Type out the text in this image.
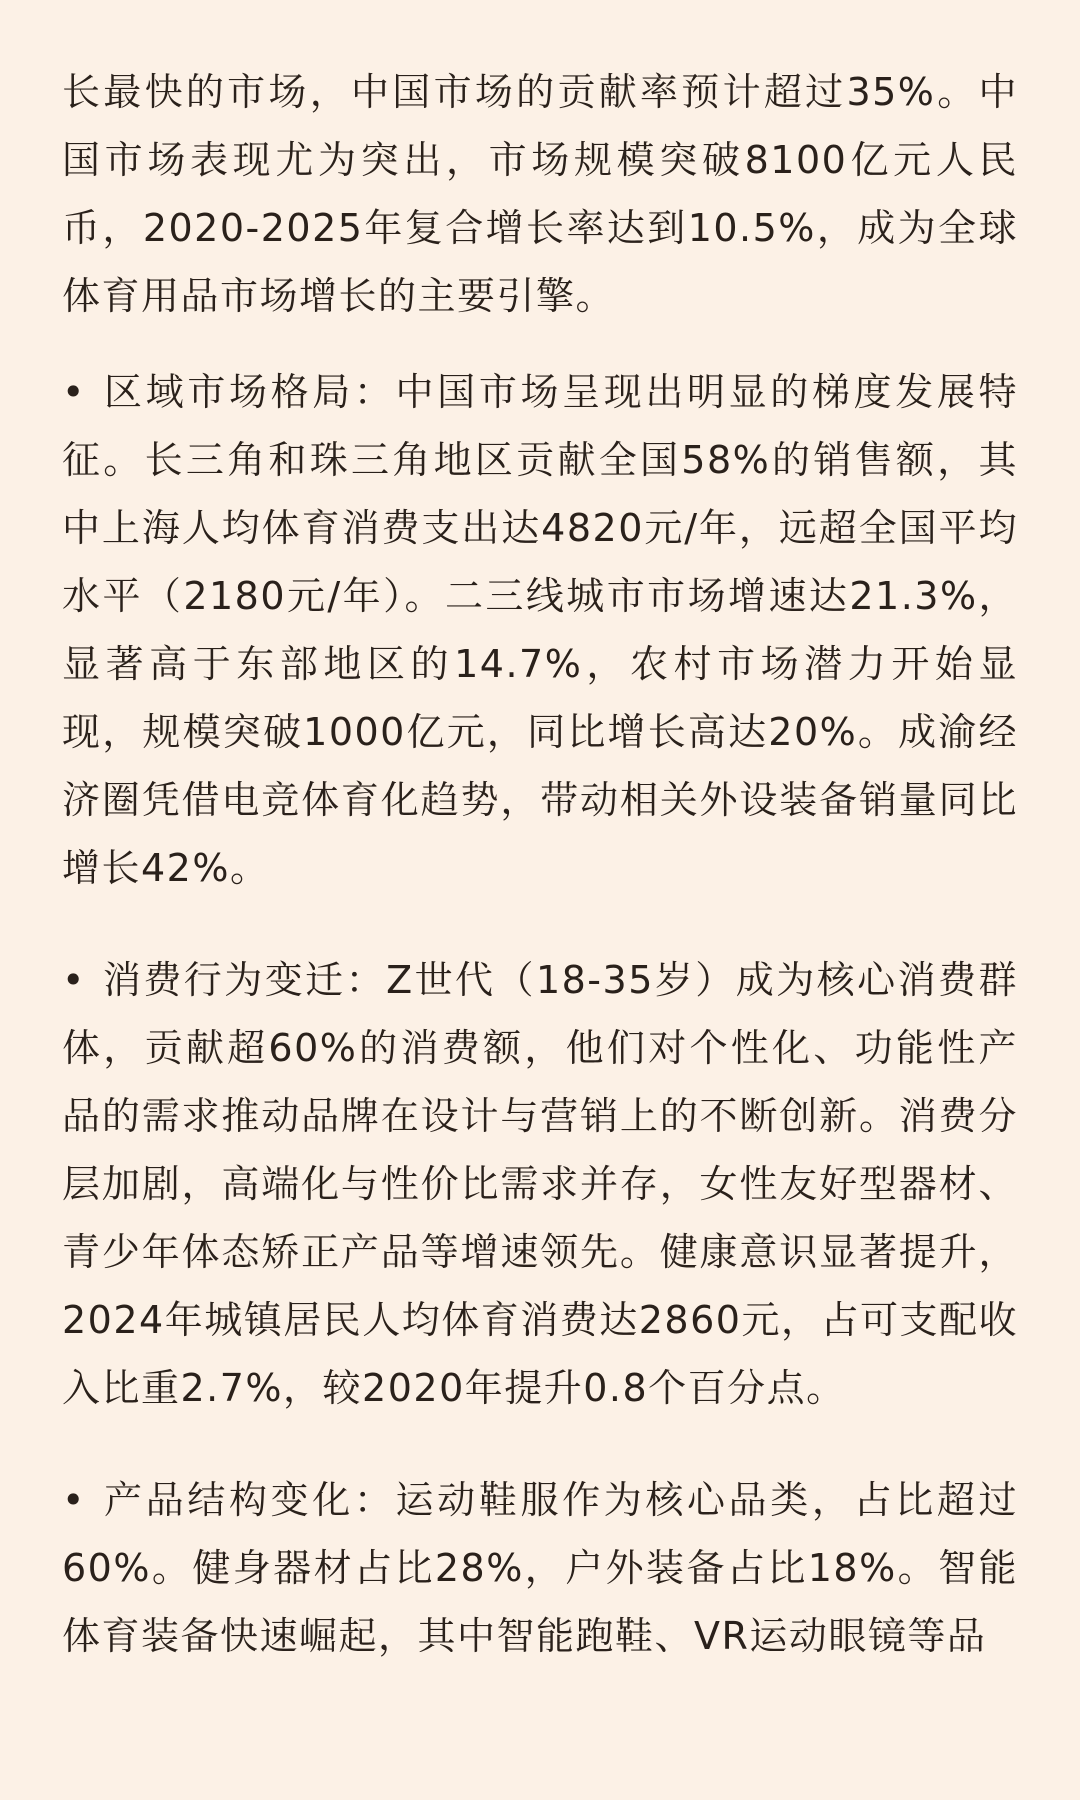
长最快的市场，中国市场的贡献率预计超过35%。中国市场表现尤为突出，市场规模突破8100亿元人民币，2020-2025年复合增长率达到10.5%，成为全球体育用品市场增长的主要引擎。

• 区域市场格局：中国市场呈现出明显的梯度发展特征。长三角和珠三角地区贡献全国58%的销售额，其中上海人均体育消费支出达4820元/年，远超全国平均水平（2180元/年）。二三线城市市场增速达21.3%，显著高于东部地区的14.7%，农村市场潜力开始显现，规模突破1000亿元，同比增长高达20%。成渝经济圈凭借电竞体育化趋势，带动相关外设装备销量同比增长42%。

• 消费行为变迁：Z世代（18-35岁）成为核心消费群体，贡献超60%的消费额，他们对个性化、功能性产品的需求推动品牌在设计与营销上的不断创新。消费分层加剧，高端化与性价比需求并存，女性友好型器材、青少年体态矫正产品等增速领先。健康意识显著提升，2024年城镇居民人均体育消费达2860元，占可支配收入比重2.7%，较2020年提升0.8个百分点。

• 产品结构变化：运动鞋服作为核心品类，占比超过60%。健身器材占比28%，户外装备占比18%。智能体育装备快速崛起，其中智能跑鞋、VR运动眼镜等品
